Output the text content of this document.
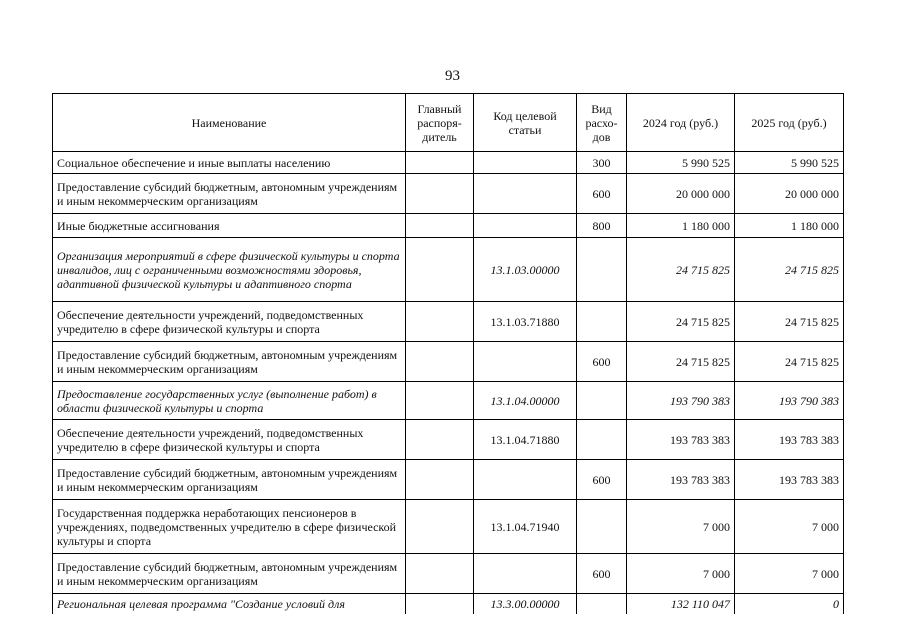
93
Наименование	Главный распоря-дитель	Код целевой статьи	Вид расхо-дов	2024 год (руб.)	2025 год (руб.)
Социальное обеспечение и иные выплаты населению			300	5 990 525	5 990 525
Предоставление субсидий бюджетным, автономным учреждениям и иным некоммерческим организациям			600	20 000 000	20 000 000
Иные бюджетные ассигнования			800	1 180 000	1 180 000
Организация мероприятий в сфере физической культуры и спорта инвалидов, лиц с ограниченными возможностями здоровья, адаптивной физической культуры и адаптивного спорта		13.1.03.00000		24 715 825	24 715 825
Обеспечение деятельности учреждений, подведомственных учредителю в сфере физической культуры и спорта		13.1.03.71880		24 715 825	24 715 825
Предоставление субсидий бюджетным, автономным учреждениям и иным некоммерческим организациям			600	24 715 825	24 715 825
Предоставление государственных услуг (выполнение работ) в области физической культуры и спорта		13.1.04.00000		193 790 383	193 790 383
Обеспечение деятельности учреждений, подведомственных учредителю в сфере физической культуры и спорта		13.1.04.71880		193 783 383	193 783 383
Предоставление субсидий бюджетным, автономным учреждениям и иным некоммерческим организациям			600	193 783 383	193 783 383
Государственная поддержка неработающих пенсионеров в учреждениях, подведомственных учредителю в сфере физической культуры и спорта		13.1.04.71940		7 000	7 000
Предоставление субсидий бюджетным, автономным учреждениям и иным некоммерческим организациям			600	7 000	7 000
Региональная целевая программа "Создание условий для		13.3.00.00000		132 110 047	0
